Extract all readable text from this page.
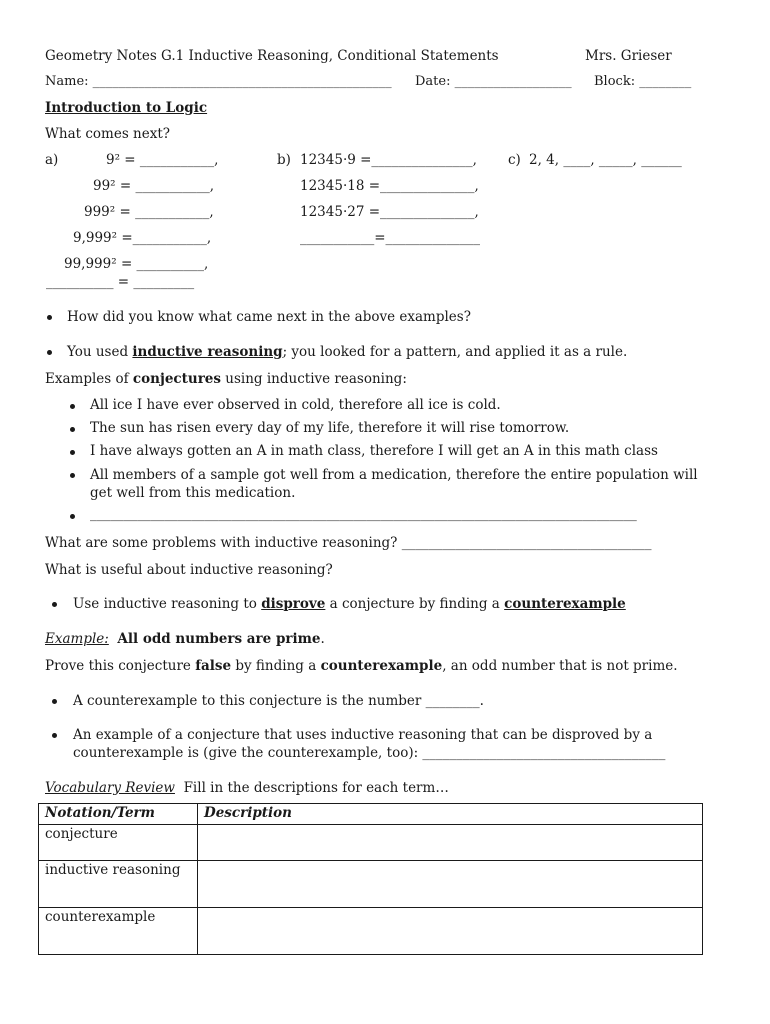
Geometry Notes G.1 Inductive Reasoning, Conditional Statements	Mrs. Grieser
Name: ______________________________________________ Date: __________________ Block: ________
Introduction to Logic
What comes next?
a)	9² = ___________,
99² = ___________,
999² = ___________,
9,999² =___________,
99,999² = __________,
__________ = _________
b) 12345·9 =_______________,
12345·18 =______________,
12345·27 =______________,
___________=______________
c) 2, 4, ____, _____, ______
How did you know what came next in the above examples?
You used inductive reasoning; you looked for a pattern, and applied it as a rule.
Examples of conjectures using inductive reasoning:
All ice I have ever observed in cold, therefore all ice is cold.
The sun has risen every day of my life, therefore it will rise tomorrow.
I have always gotten an A in math class, therefore I will get an A in this math class
All members of a sample got well from a medication, therefore the entire population will get well from this medication.
_________________________________________________________________________________
What are some problems with inductive reasoning? _____________________________________
What is useful about inductive reasoning?
Use inductive reasoning to disprove a conjecture by finding a counterexample
Example: All odd numbers are prime.
Prove this conjecture false by finding a counterexample, an odd number that is not prime.
A counterexample to this conjecture is the number ________.
An example of a conjecture that uses inductive reasoning that can be disproved by a counterexample is (give the counterexample, too): ____________________________________
Vocabulary Review Fill in the descriptions for each term…
Notation/Term	Description
conjecture	
inductive reasoning	
counterexample	
